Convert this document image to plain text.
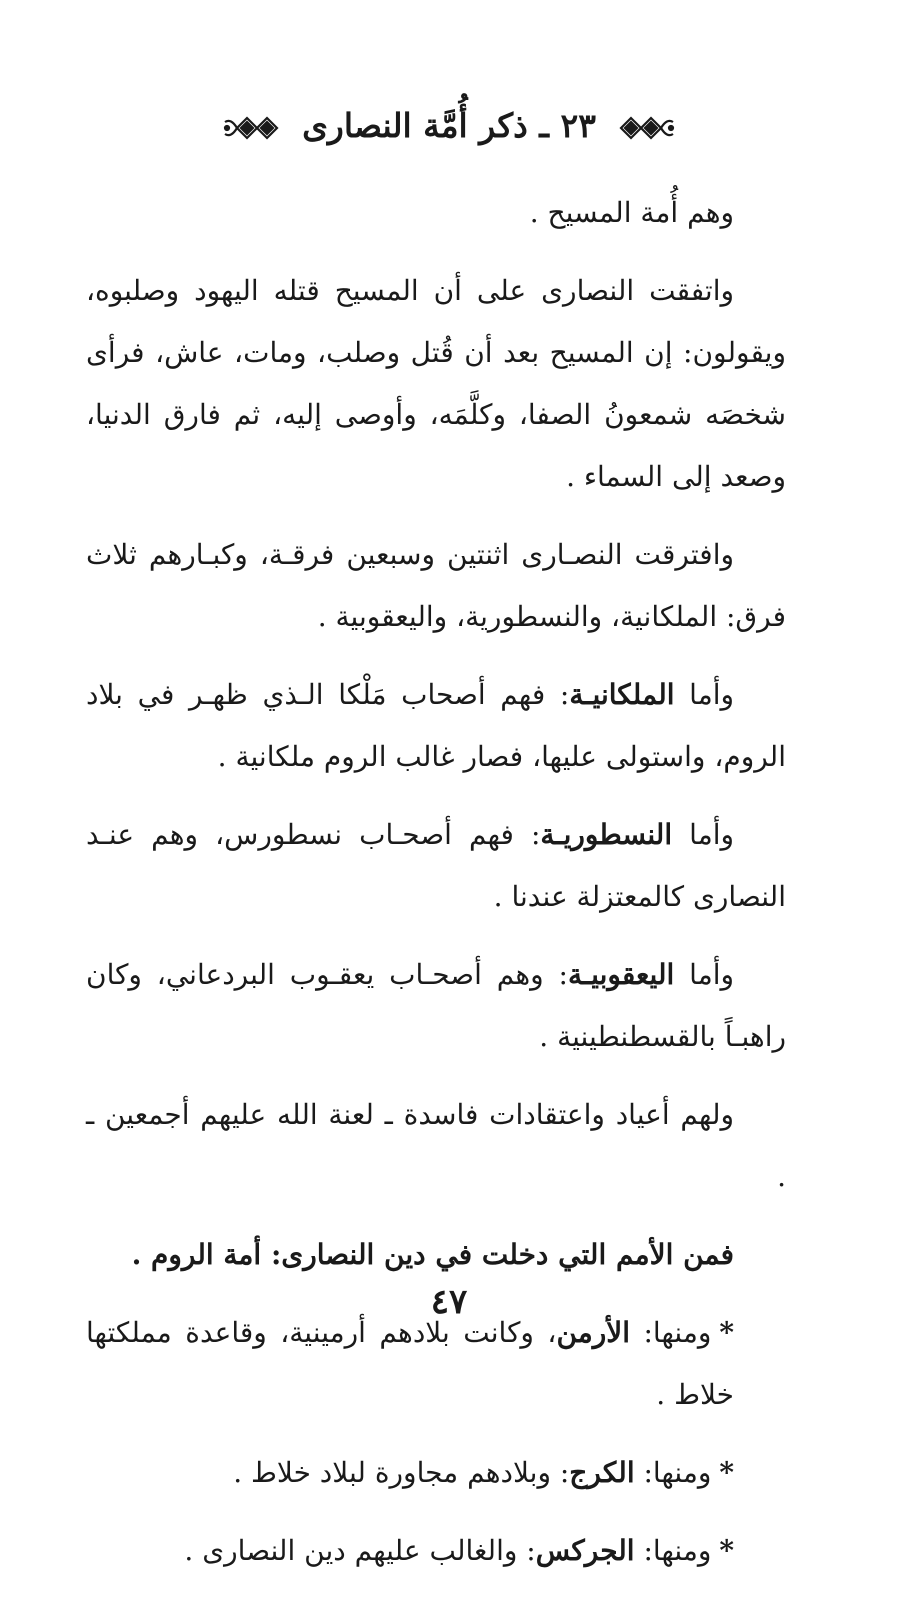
٢٣ ـ ذكر أُمَّة النصارى

وهم أُمة المسيح .

واتفقت النصارى على أن المسيح قتله اليهود وصلبوه، ويقولون: إن المسيح بعد أن قُتل وصلب، ومات، عاش، فرأى شخصَه شمعونُ الصفا، وكلَّمَه، وأوصى إليه، ثم فارق الدنيا، وصعد إلى السماء .

وافترقت النصـارى اثنتين وسبعين فرقـة، وكبـارهم ثلاث فرق: الملكانية، والنسطورية، واليعقوبية .

وأما الملكانيـة: فهم أصحاب مَلْكا الـذي ظهـر في بلاد الروم، واستولى عليها، فصار غالب الروم ملكانية .

وأما النسطوريـة: فهم أصحـاب نسطورس، وهم عنـد النصارى كالمعتزلة عندنا .

وأما اليعقوبيـة: وهم أصحـاب يعقـوب البردعاني، وكان راهبـاً بالقسطنطينية .

ولهم أعياد واعتقادات فاسدة ـ لعنة الله عليهم أجمعين ـ .

فمن الأمم التي دخلت في دين النصارى: أمة الروم .

*ومنها: الأرمن، وكانت بلادهم أرمينية، وقاعدة مملكتها خلاط .

*ومنها: الكرج: وبلادهم مجاورة لبلاد خلاط .

*ومنها: الجركس: والغالب عليهم دين النصارى .

٤٧
